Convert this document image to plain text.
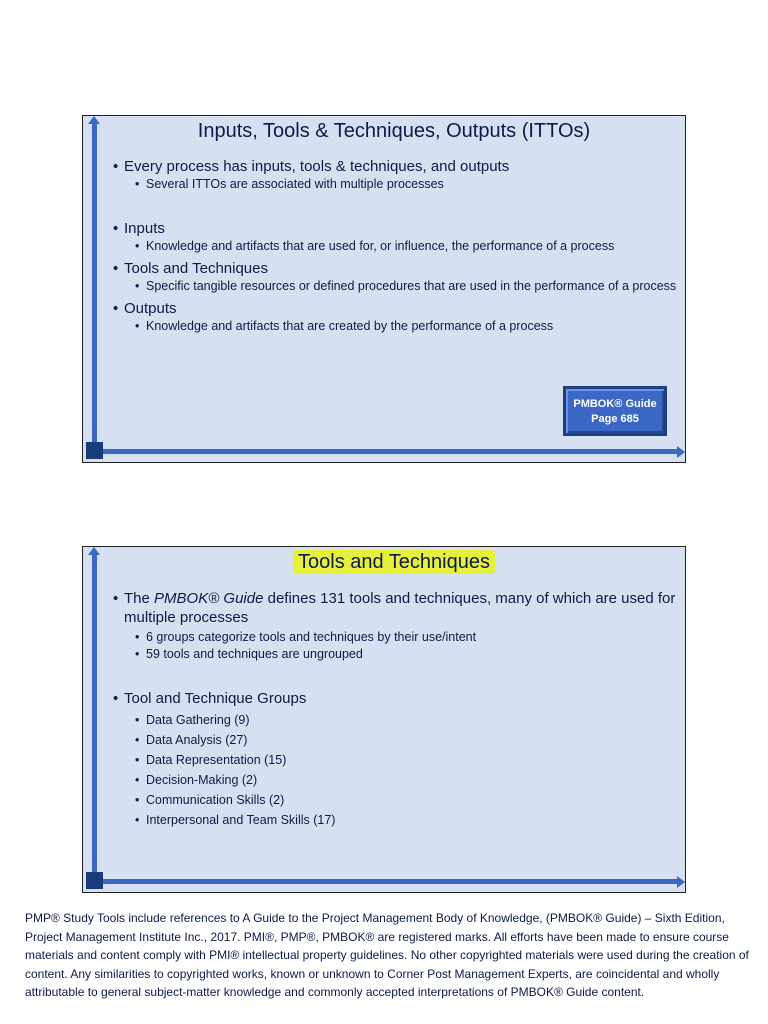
Inputs, Tools & Techniques, Outputs (ITTOs)

• Every process has inputs, tools & techniques, and outputs

• Several ITTOs are associated with multiple processes

• Inputs

• Knowledge and artifacts that are used for, or influence, the performance of a process

• Tools and Techniques

• Specific tangible resources or defined procedures that are used in the performance of a process

• Outputs

• Knowledge and artifacts that are created by the performance of a process

PMBOK® Guide
Page 685
Tools and Techniques

• The PMBOK® Guide defines 131 tools and techniques, many of which are used for multiple processes

• 6 groups categorize tools and techniques by their use/intent

• 59 tools and techniques are ungrouped

• Tool and Technique Groups

• Data Gathering (9)

• Data Analysis (27)

• Data Representation (15)

• Decision-Making (2)

• Communication Skills (2)

• Interpersonal and Team Skills (17)

PMP® Study Tools include references to A Guide to the Project Management Body of Knowledge, (PMBOK® Guide) – Sixth Edition, Project Management Institute Inc., 2017. PMI®, PMP®, PMBOK® are registered marks. All efforts have been made to ensure course materials and content comply with PMI® intellectual property guidelines. No other copyrighted materials were used during the creation of content. Any similarities to copyrighted works, known or unknown to Corner Post Management Experts, are coincidental and wholly attributable to general subject-matter knowledge and commonly accepted interpretations of PMBOK® Guide content.
